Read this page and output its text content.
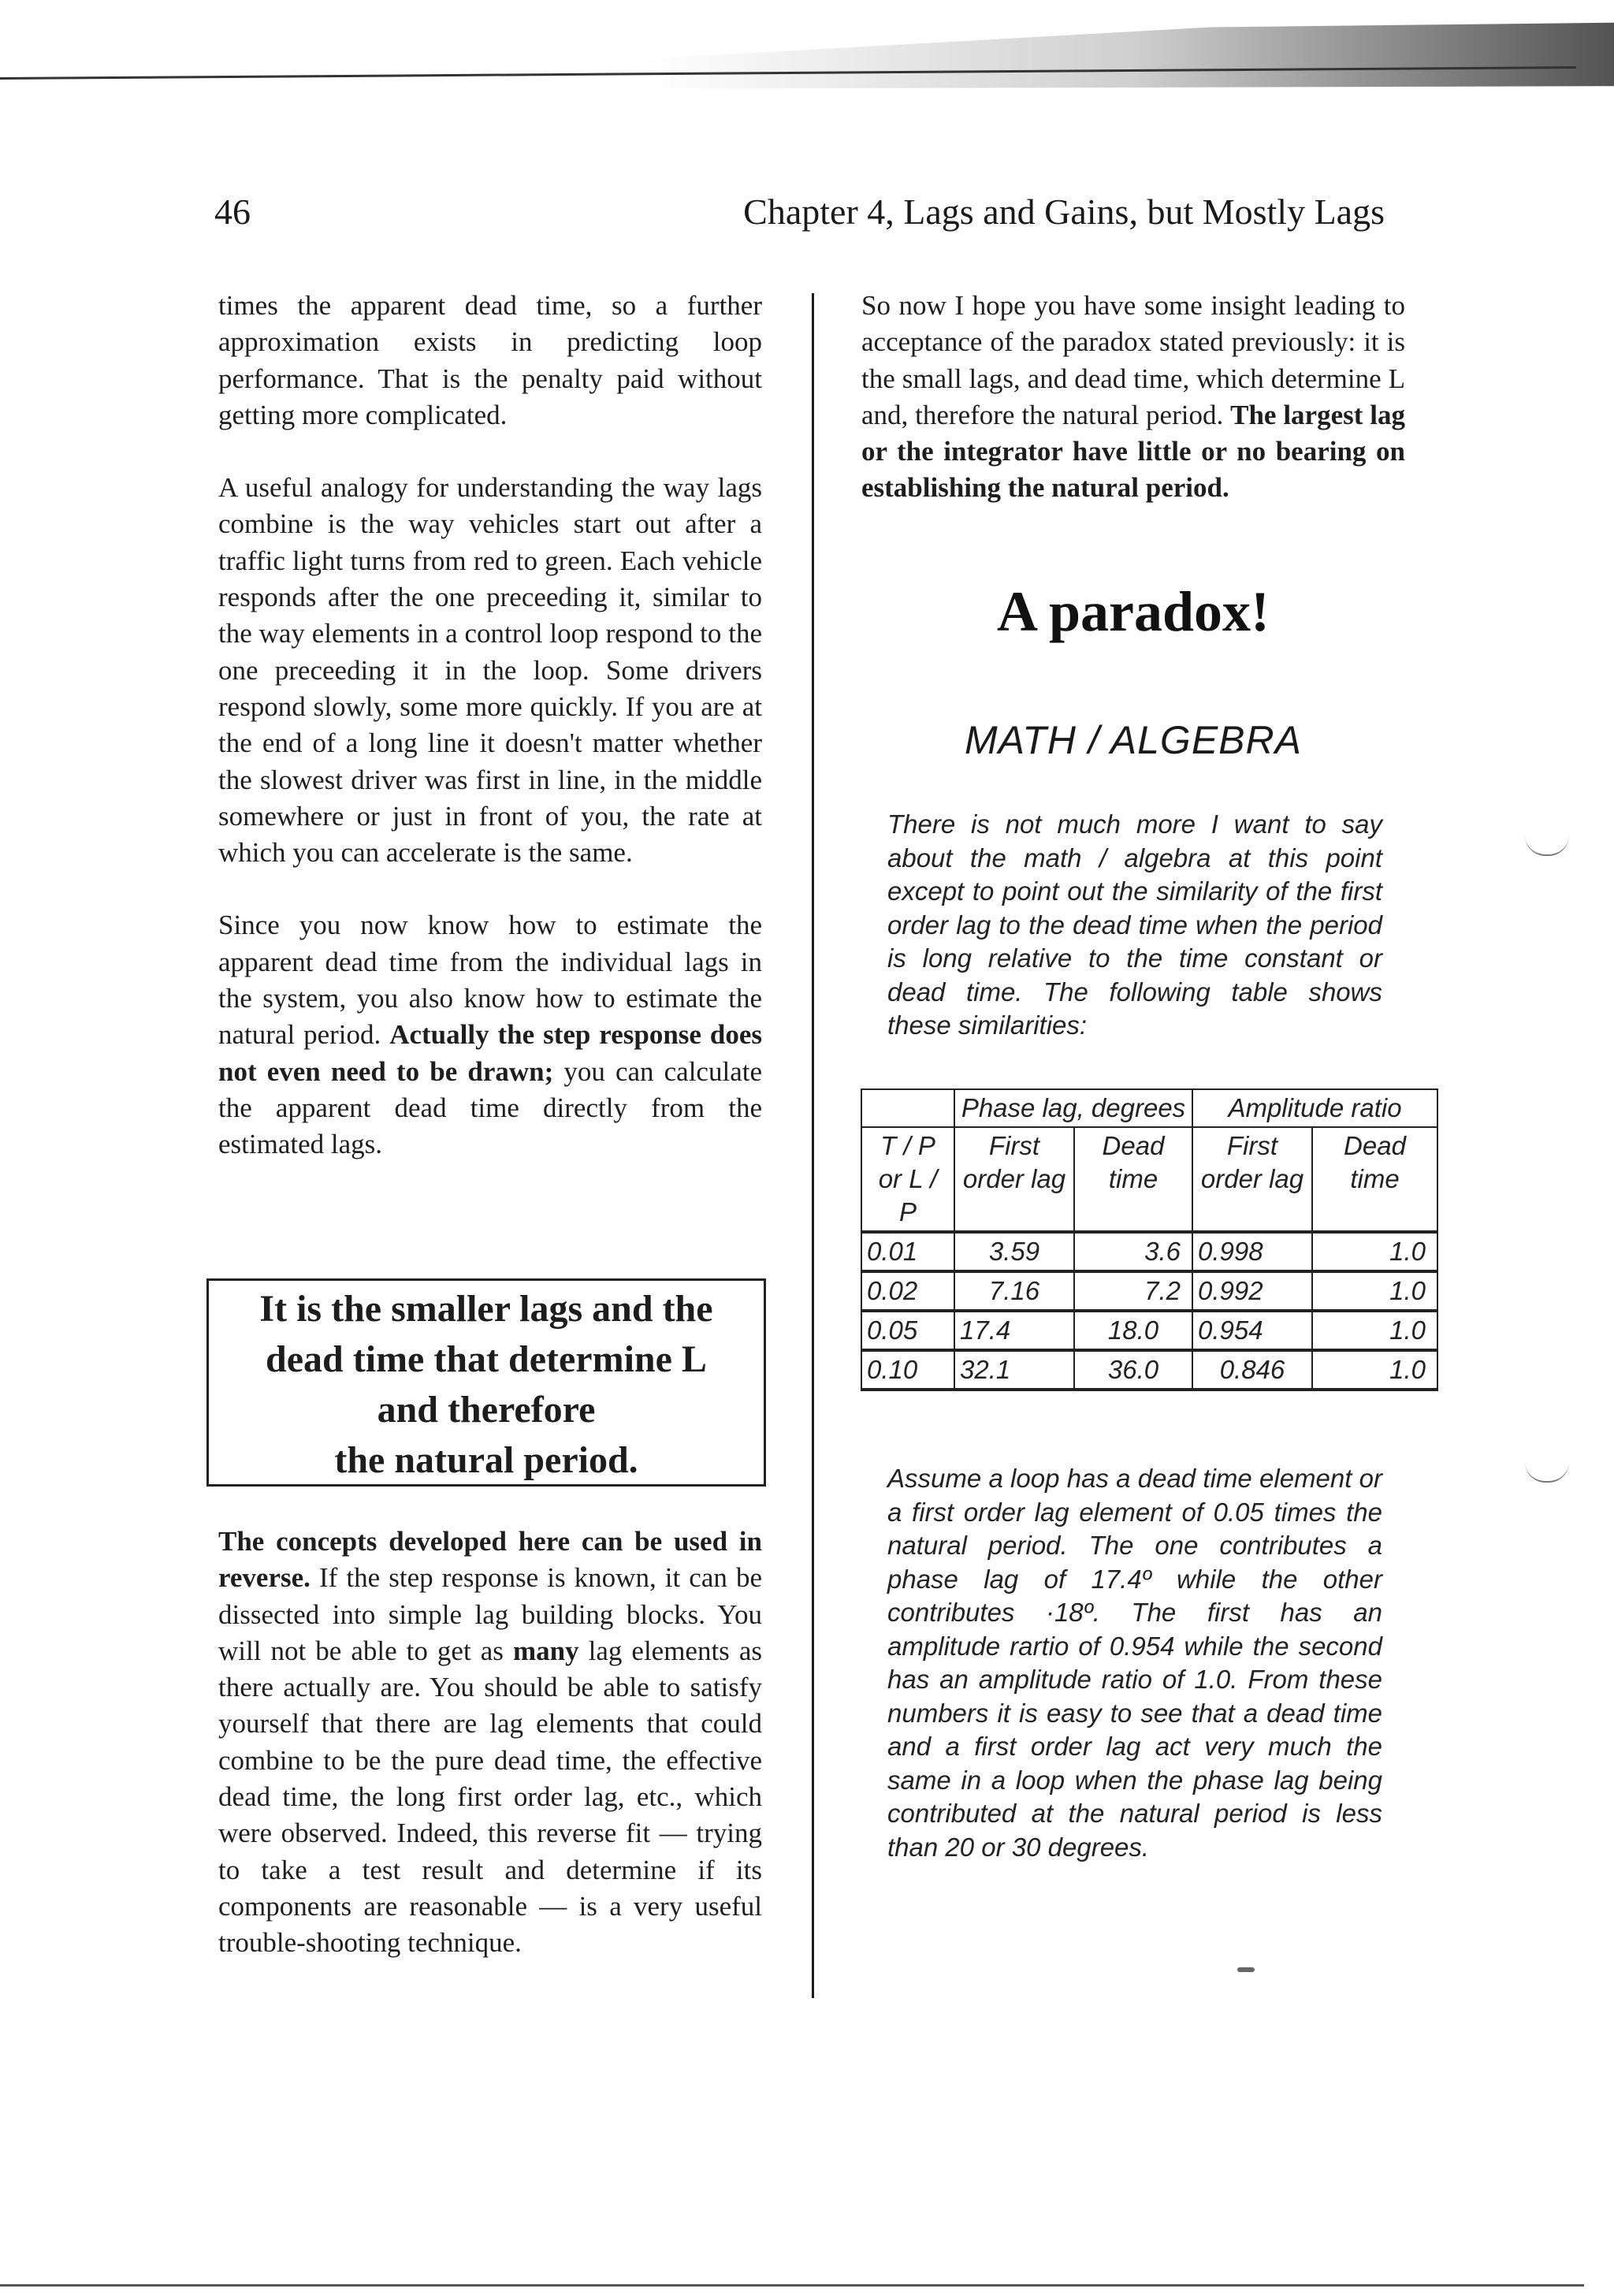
46	Chapter 4, Lags and Gains, but Mostly Lags

times the apparent dead time, so a further approximation exists in predicting loop performance. That is the penalty paid without getting more complicated.

A useful analogy for understanding the way lags combine is the way vehicles start out after a traffic light turns from red to green. Each vehicle responds after the one preceeding it, similar to the way elements in a control loop respond to the one preceeding it in the loop. Some drivers respond slowly, some more quickly. If you are at the end of a long line it doesn't matter whether the slowest driver was first in line, in the middle somewhere or just in front of you, the rate at which you can accelerate is the same.

Since you now know how to estimate the apparent dead time from the individual lags in the system, you also know how to estimate the natural period. Actually the step response does not even need to be drawn; you can calculate the apparent dead time directly from the estimated lags.

It is the smaller lags and the
dead time that determine L
and therefore
the natural period.

The concepts developed here can be used in reverse. If the step response is known, it can be dissected into simple lag building blocks. You will not be able to get as many lag elements as there actually are. You should be able to satisfy yourself that there are lag elements that could combine to be the pure dead time, the effective dead time, the long first order lag, etc., which were observed. Indeed, this reverse fit — trying to take a test result and determine if its components are reasonable — is a very useful trouble-shooting technique.

So now I hope you have some insight leading to acceptance of the paradox stated previously: it is the small lags, and dead time, which determine L and, therefore the natural period. The largest lag or the integrator have little or no bearing on establishing the natural period.

A paradox!
MATH / ALGEBRA

There is not much more I want to say about the math / algebra at this point except to point out the similarity of the first order lag to the dead time when the period is long relative to the time constant or dead time. The following table shows these similarities:

	Phase lag, degrees		Amplitude ratio	
T / P or L / P	First order lag	Dead time	First order lag	Dead time
0.01	3.59	3.6	0.998	1.0
0.02	7.16	7.2	0.992	1.0
0.05	17.4	18.0	0.954	1.0
0.10	32.1	36.0	0.846	1.0

Assume a loop has a dead time element or a first order lag element of 0.05 times the natural period. The one contributes a phase lag of 17.4º while the other contributes ·18º. The first has an amplitude rartio of 0.954 while the second has an amplitude ratio of 1.0. From these numbers it is easy to see that a dead time and a first order lag act very much the same in a loop when the phase lag being contributed at the natural period is less than 20 or 30 degrees.
